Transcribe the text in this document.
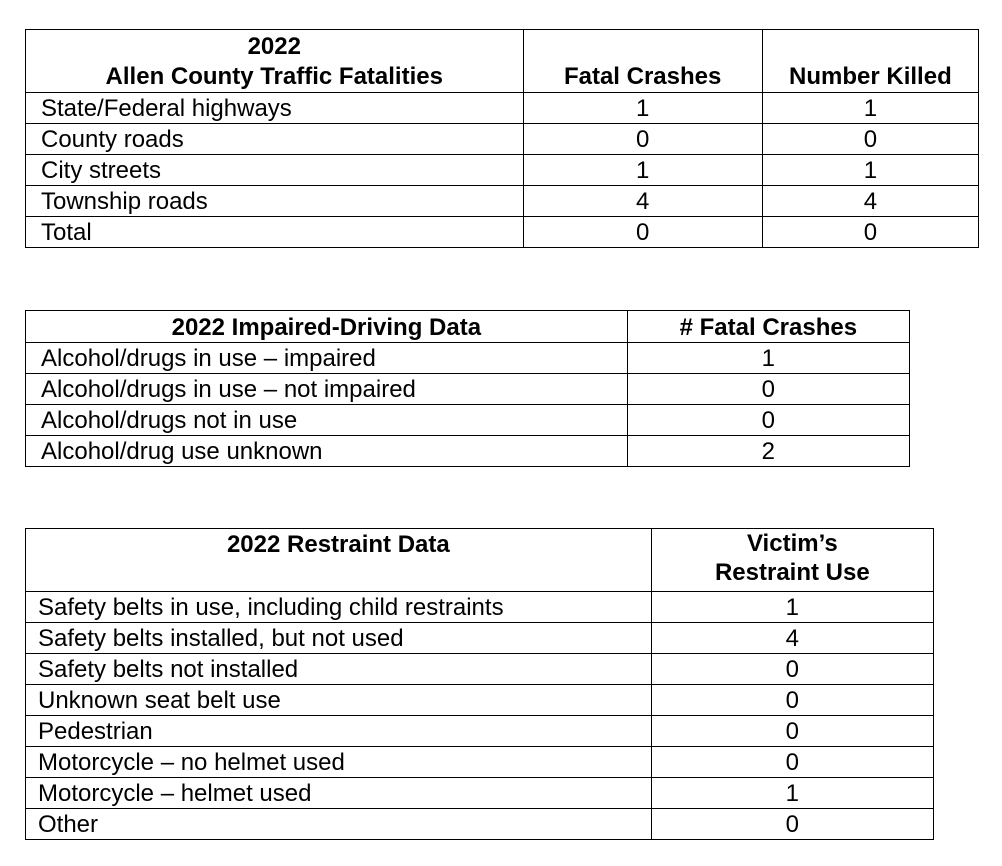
2022
Allen County Traffic Fatalities	Fatal Crashes	Number Killed
State/Federal highways	1	1
County roads	0	0
City streets	1	1
Township roads	4	4
Total	0	0
2022 Impaired-Driving Data	# Fatal Crashes
Alcohol/drugs in use – impaired	1
Alcohol/drugs in use – not impaired	0
Alcohol/drugs not in use	0
Alcohol/drug use unknown	2
2022 Restraint Data	Victim’s
Restraint Use

Safety belts in use, including child restraints	1
Safety belts installed, but not used	4
Safety belts not installed	0
Unknown seat belt use	0
Pedestrian	0
Motorcycle – no helmet used	0
Motorcycle – helmet used	1
Other	0
